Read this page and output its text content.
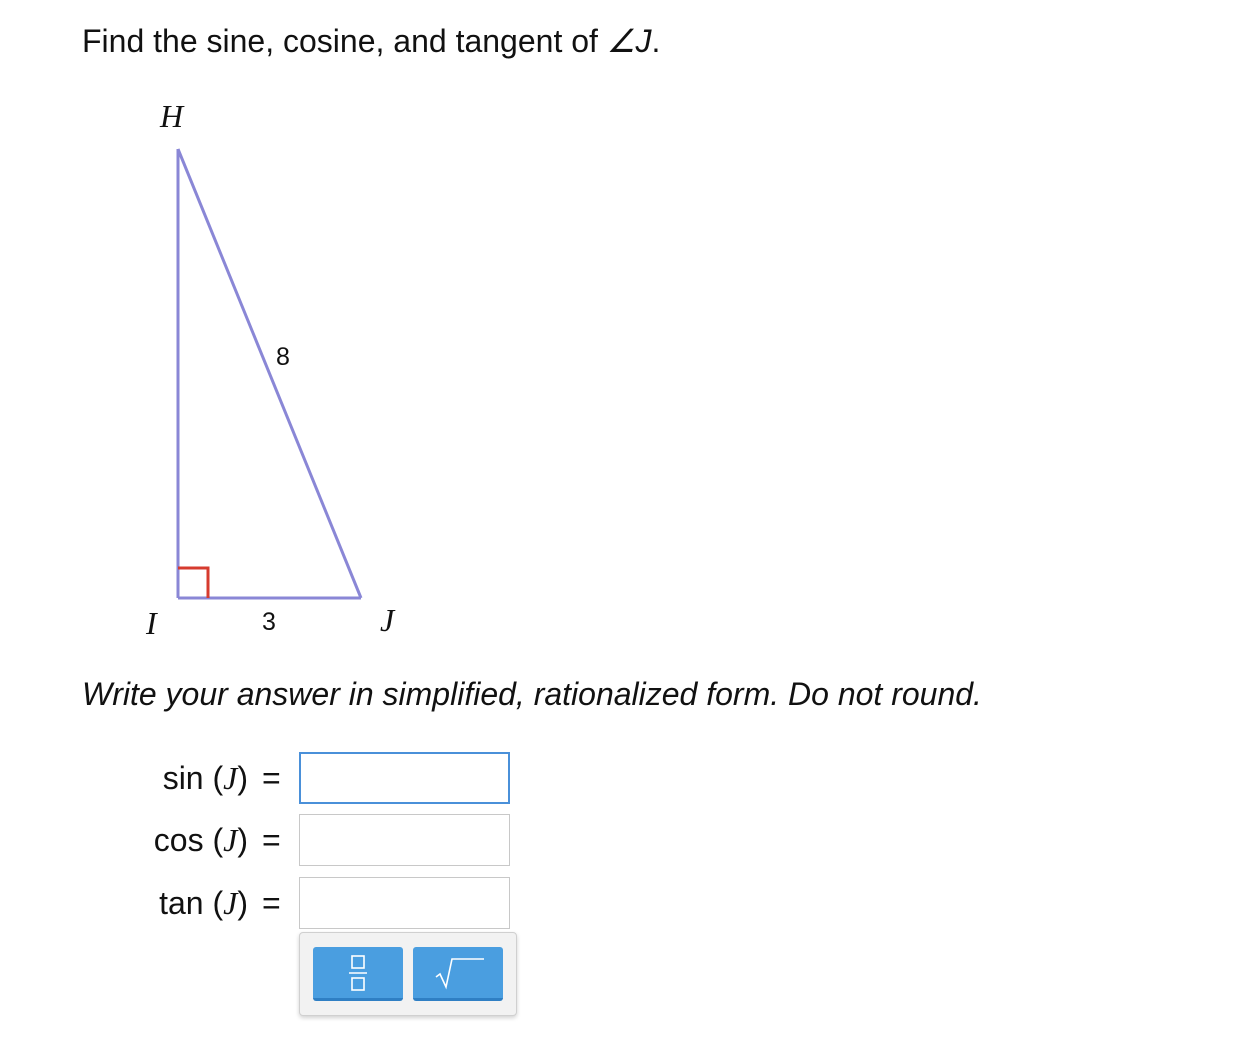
Find the sine, cosine, and tangent of ∠J.
H
I	J
8
3
Write your answer in simplified, rationalized form. Do not round.
sin (J) =
cos (J) =
tan (J) =
